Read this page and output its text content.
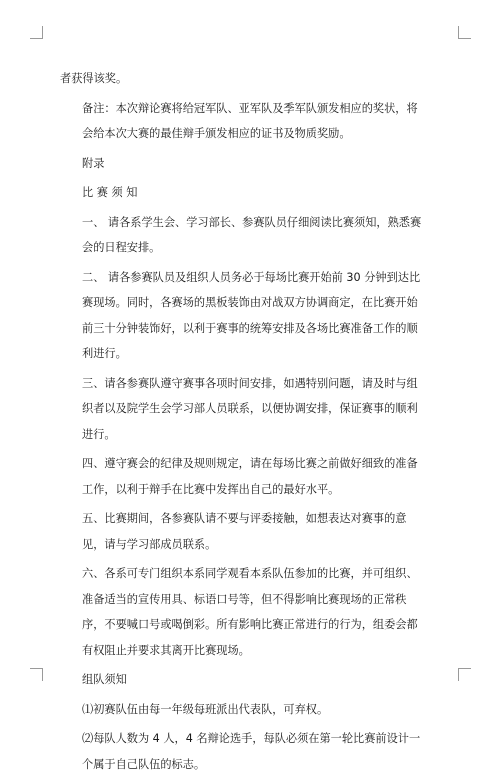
者获得该奖。

备注：本次辩论赛将给冠军队、亚军队及季军队颁发相应的奖状，将会给本次大赛的最佳辩手颁发相应的证书及物质奖励。

附录

比 赛 须 知

一、 请各系学生会、学习部长、参赛队员仔细阅读比赛须知，熟悉赛会的日程安排。

二、 请各参赛队员及组织人员务必于每场比赛开始前 30 分钟到达比赛现场。同时，各赛场的黑板装饰由对战双方协调商定，在比赛开始前三十分钟装饰好，以利于赛事的统筹安排及各场比赛准备工作的顺利进行。

三、请各参赛队遵守赛事各项时间安排，如遇特别问题，请及时与组织者以及院学生会学习部人员联系，以便协调安排，保证赛事的顺利进行。

四、遵守赛会的纪律及规则规定，请在每场比赛之前做好细致的准备工作，以利于辩手在比赛中发挥出自己的最好水平。

五、比赛期间，各参赛队请不要与评委接触，如想表达对赛事的意见，请与学习部成员联系。

六、各系可专门组织本系同学观看本系队伍参加的比赛，并可组织、准备适当的宣传用具、标语口号等，但不得影响比赛现场的正常秩序，不要喊口号或喝倒彩。所有影响比赛正常进行的行为，组委会都有权阻止并要求其离开比赛现场。

组队须知

⑴初赛队伍由每一年级每班派出代表队，可弃权。

⑵每队人数为 4 人，4 名辩论选手，每队必须在第一轮比赛前设计一个属于自己队伍的标志。
